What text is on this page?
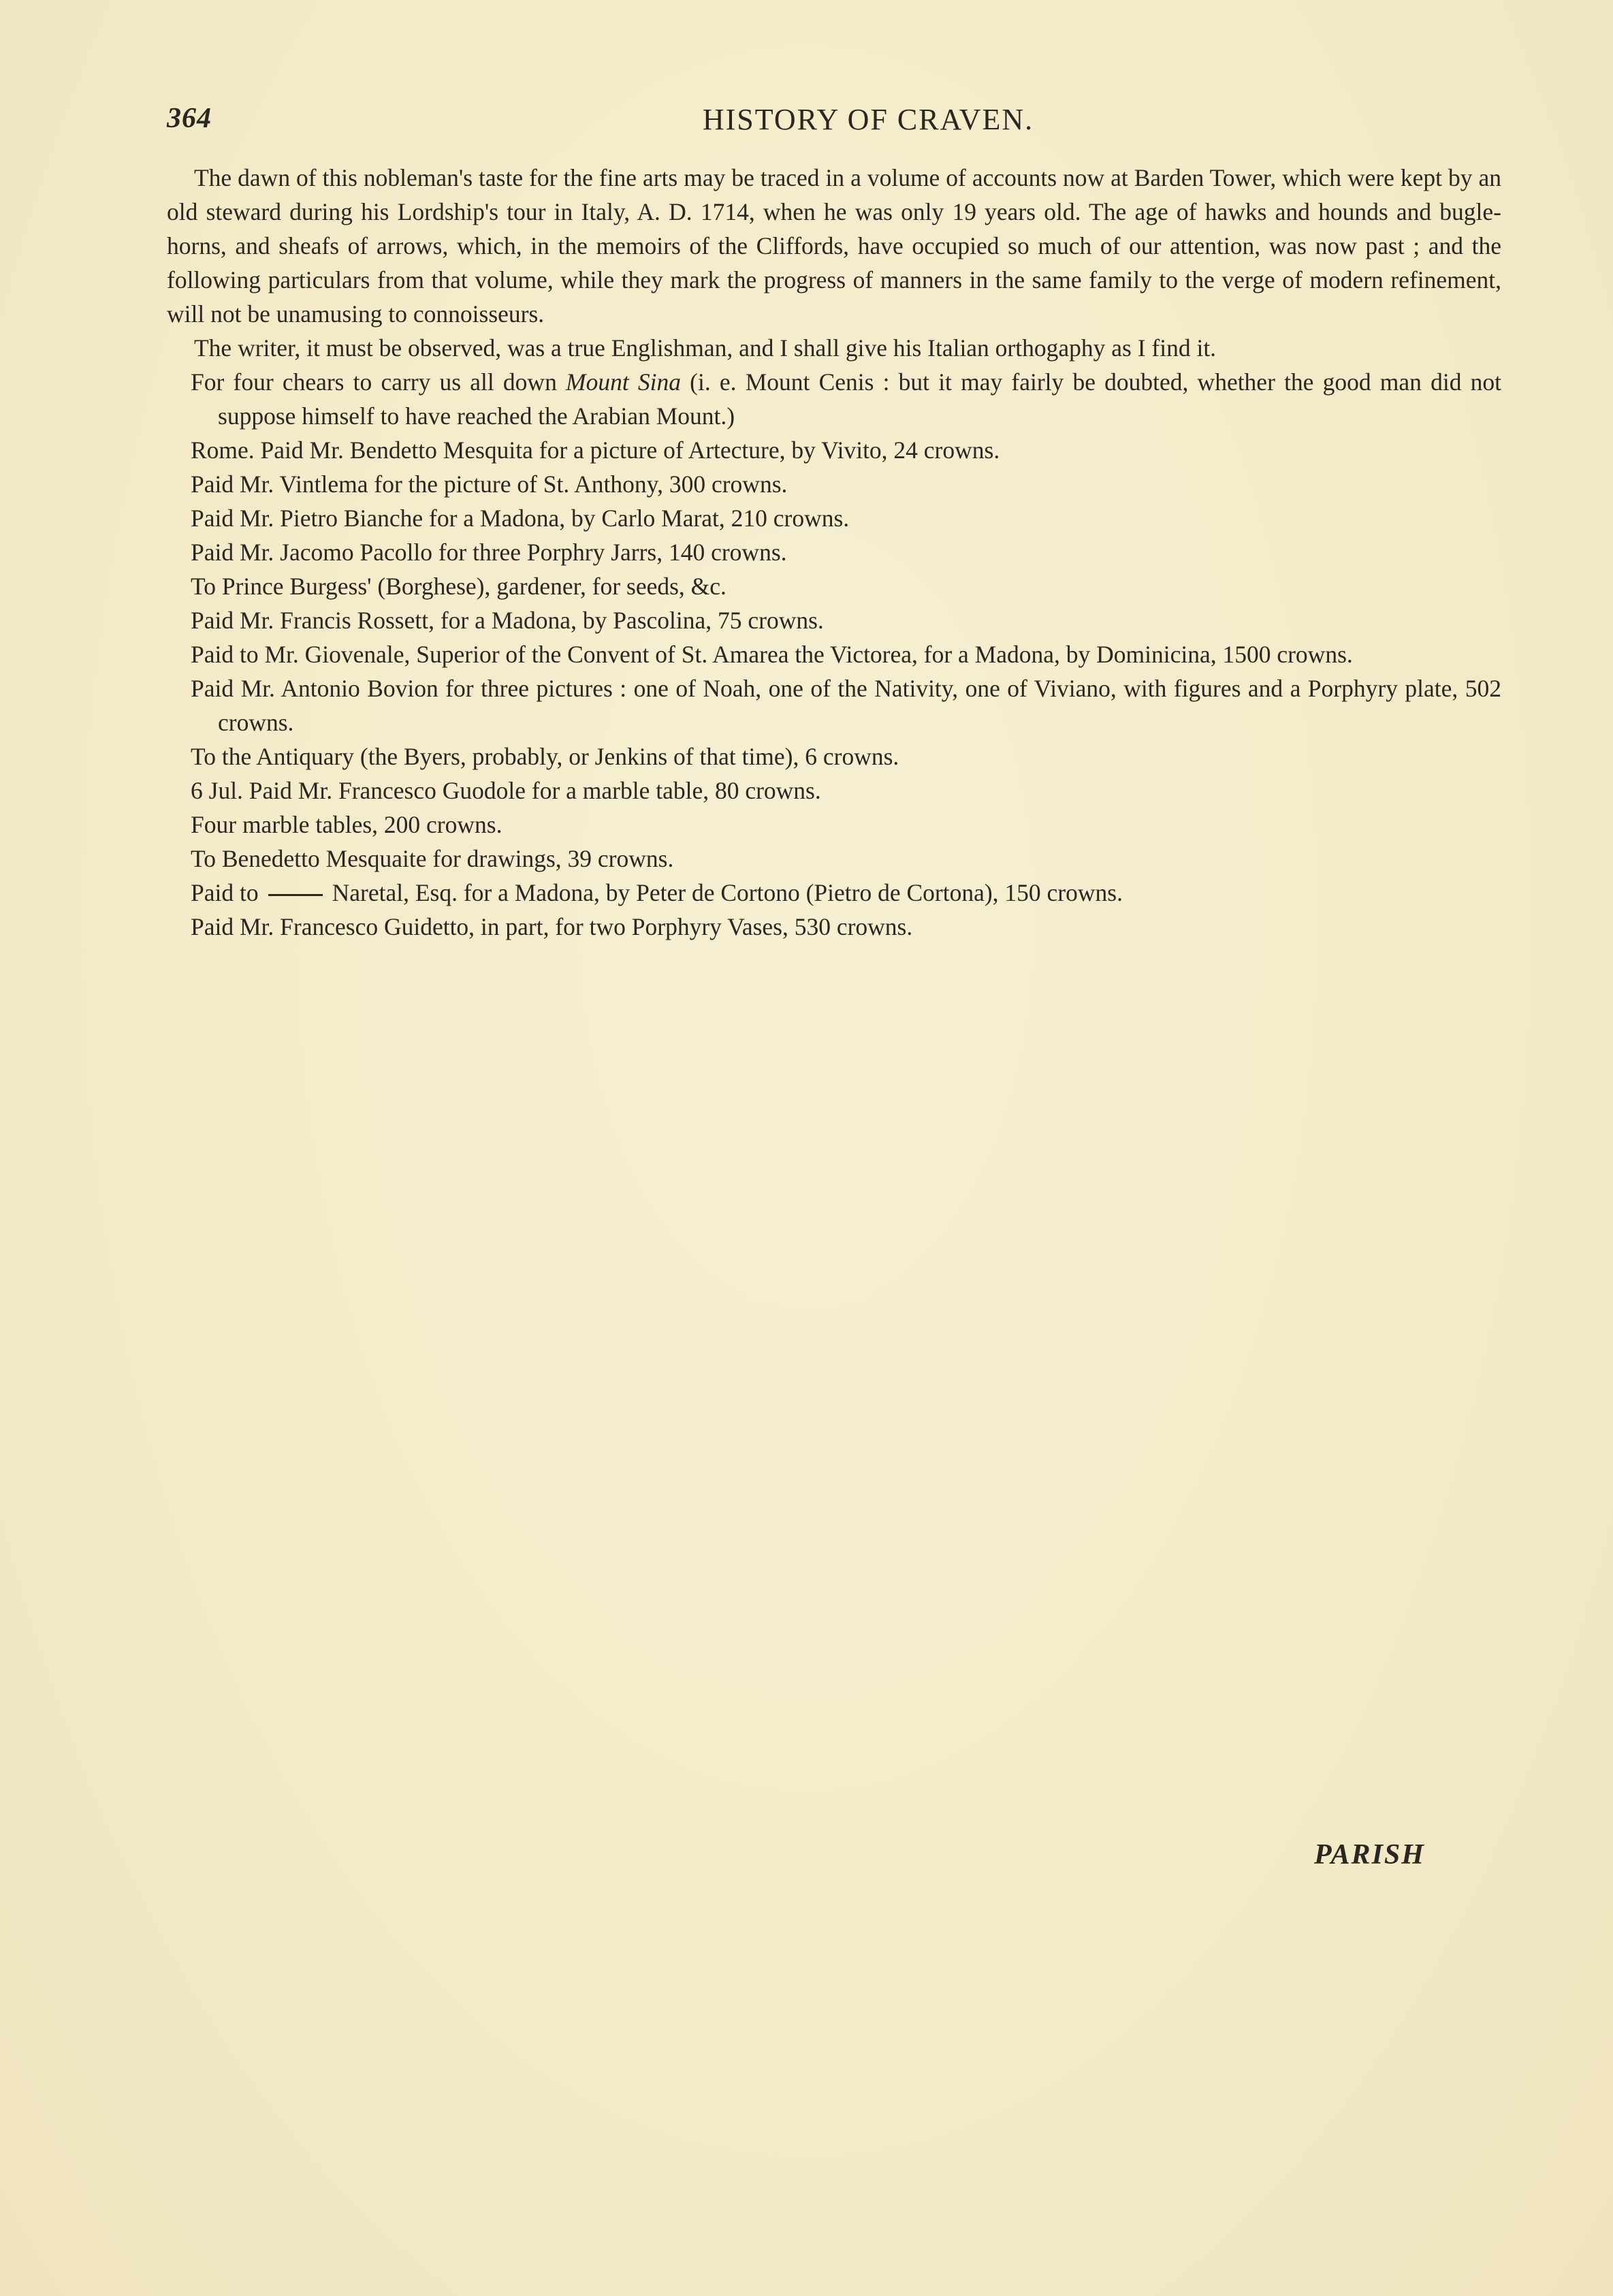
364	HISTORY OF CRAVEN.

The dawn of this nobleman's taste for the fine arts may be traced in a volume of accounts now at Barden Tower, which were kept by an old steward during his Lordship's tour in Italy, A. D. 1714, when he was only 19 years old. The age of hawks and hounds and bugle-horns, and sheafs of arrows, which, in the memoirs of the Cliffords, have occupied so much of our attention, was now past ; and the following particulars from that volume, while they mark the progress of manners in the same family to the verge of modern refinement, will not be unamusing to connoisseurs.

The writer, it must be observed, was a true Englishman, and I shall give his Italian orthogaphy as I find it.

For four chears to carry us all down Mount Sina (i. e. Mount Cenis : but it may fairly be doubted, whether the good man did not suppose himself to have reached the Arabian Mount.)
Rome. Paid Mr. Bendetto Mesquita for a picture of Artecture, by Vivito, 24 crowns.
Paid Mr. Vintlema for the picture of St. Anthony, 300 crowns.
Paid Mr. Pietro Bianche for a Madona, by Carlo Marat, 210 crowns.
Paid Mr. Jacomo Pacollo for three Porphry Jarrs, 140 crowns.
To Prince Burgess' (Borghese), gardener, for seeds, &c.
Paid Mr. Francis Rossett, for a Madona, by Pascolina, 75 crowns.
Paid to Mr. Giovenale, Superior of the Convent of St. Amarea the Victorea, for a Madona, by Dominicina, 1500 crowns.
Paid Mr. Antonio Bovion for three pictures : one of Noah, one of the Nativity, one of Viviano, with figures and a Porphyry plate, 502 crowns.
To the Antiquary (the Byers, probably, or Jenkins of that time), 6 crowns.
6 Jul. Paid Mr. Francesco Guodole for a marble table, 80 crowns.
Four marble tables, 200 crowns.
To Benedetto Mesquaite for drawings, 39 crowns.
Paid to	Naretal, Esq. for a Madona, by Peter de Cortono (Pietro de Cortona), 150 crowns.
Paid Mr. Francesco Guidetto, in part, for two Porphyry Vases, 530 crowns.
PARISH
